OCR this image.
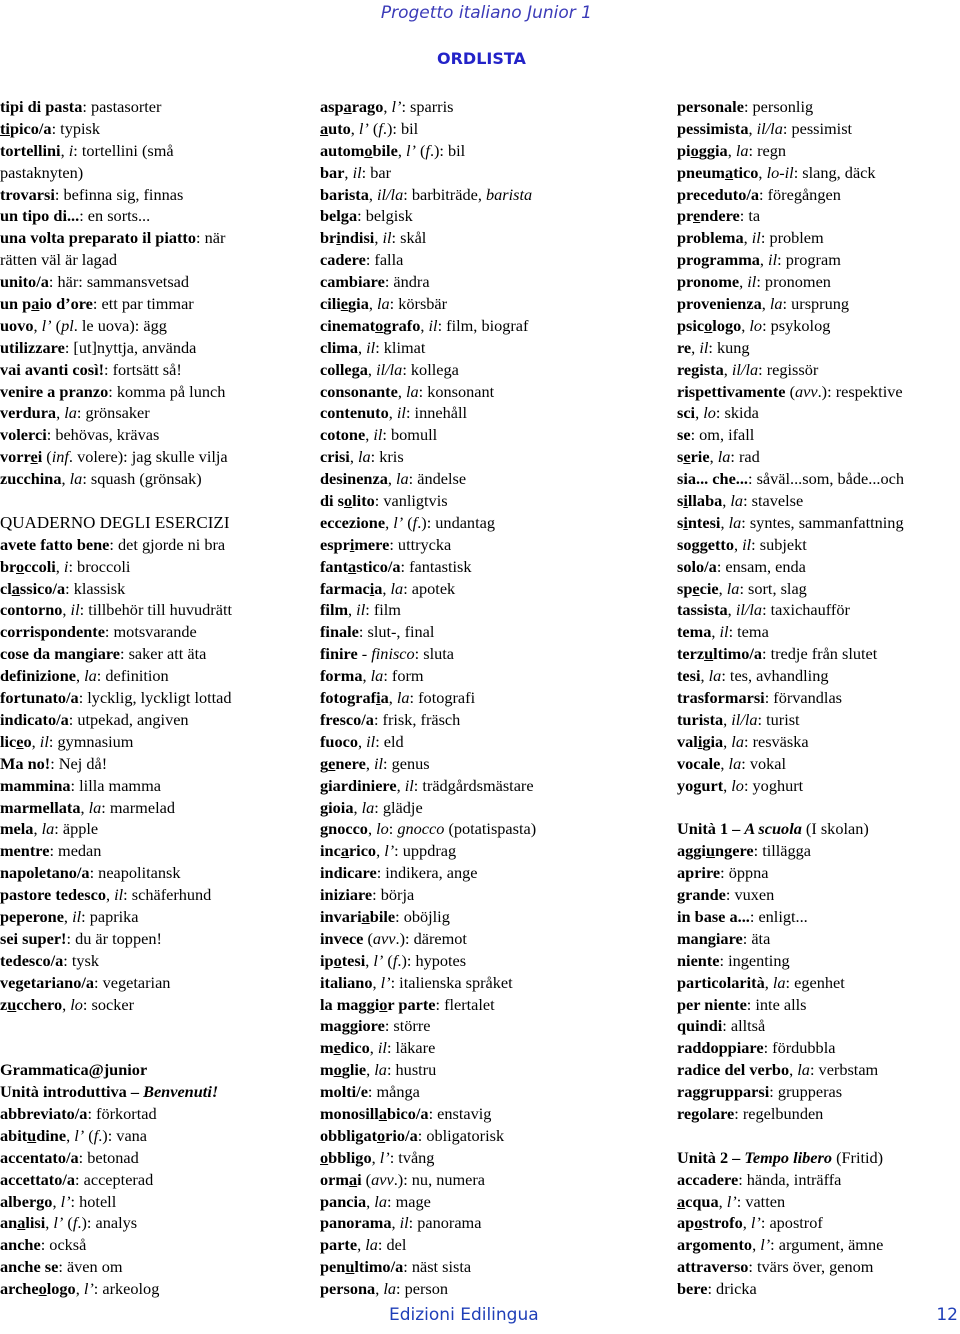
Progetto italiano Junior 1
ORDLISTA
tipi di pasta: pastasorter
tipico/a: typisk
tortellini, i: tortellini (små
pastaknyten)
trovarsi: befinna sig, finnas
un tipo di...: en sorts...
una volta preparato il piatto: när
rätten väl är lagad
unito/a: här: sammansvetsad
un paio d’ore: ett par timmar
uovo, l’ (pl. le uova): ägg
utilizzare: [ut]nyttja, använda
vai avanti così!: fortsätt så!
venire a pranzo: komma på lunch
verdura, la: grönsaker
volerci: behövas, krävas
vorrei (inf. volere): jag skulle vilja
zucchina, la: squash (grönsak)
QUADERNO DEGLI ESERCIZI
avete fatto bene: det gjorde ni bra
broccoli, i: broccoli
classico/a: klassisk
contorno, il: tillbehör till huvudrätt
corrispondente: motsvarande
cose da mangiare: saker att äta
definizione, la: definition
fortunato/a: lycklig, lyckligt lottad
indicato/a: utpekad, angiven
liceo, il: gymnasium
Ma no!: Nej då!
mammina: lilla mamma
marmellata, la: marmelad
mela, la: äpple
mentre: medan
napoletano/a: neapolitansk
pastore tedesco, il: schäferhund
peperone, il: paprika
sei super!: du är toppen!
tedesco/a: tysk
vegetariano/a: vegetarian
zucchero, lo: socker
Grammatica@junior
Unità introduttiva – Benvenuti!
abbreviato/a: förkortad
abitudine, l’ (f.): vana
accentato/a: betonad
accettato/a: accepterad
albergo, l’: hotell
analisi, l’ (f.): analys
anche: också
anche se: även om
archeologo, l’: arkeolog
asparago, l’: sparris
auto, l’ (f.): bil
automobile, l’ (f.): bil
bar, il: bar
barista, il/la: barbiträde, barista
belga: belgisk
brindisi, il: skål
cadere: falla
cambiare: ändra
ciliegia, la: körsbär
cinematografo, il: film, biograf
clima, il: klimat
collega, il/la: kollega
consonante, la: konsonant
contenuto, il: innehåll
cotone, il: bomull
crisi, la: kris
desinenza, la: ändelse
di solito: vanligtvis
eccezione, l’ (f.): undantag
esprimere: uttrycka
fantastico/a: fantastisk
farmacia, la: apotek
film, il: film
finale: slut-, final
finire - finisco: sluta
forma, la: form
fotografia, la: fotografi
fresco/a: frisk, fräsch
fuoco, il: eld
genere, il: genus
giardiniere, il: trädgårdsmästare
gioia, la: glädje
gnocco, lo: gnocco (potatispasta)
incarico, l’: uppdrag
indicare: indikera, ange
iniziare: börja
invariabile: oböjlig
invece (avv.): däremot
ipotesi, l’ (f.): hypotes
italiano, l’: italienska språket
la maggior parte: flertalet
maggiore: större
medico, il: läkare
moglie, la: hustru
molti/e: många
monosillabico/a: enstavig
obbligatorio/a: obligatorisk
obbligo, l’: tvång
ormai (avv.): nu, numera
pancia, la: mage
panorama, il: panorama
parte, la: del
penultimo/a: näst sista
persona, la: person
personale: personlig
pessimista, il/la: pessimist
pioggia, la: regn
pneumatico, lo-il: slang, däck
preceduto/a: föregången
prendere: ta
problema, il: problem
programma, il: program
pronome, il: pronomen
provenienza, la: ursprung
psicologo, lo: psykolog
re, il: kung
regista, il/la: regissör
rispettivamente (avv.): respektive
sci, lo: skida
se: om, ifall
serie, la: rad
sia... che...: såväl...som, både...och
sillaba, la: stavelse
sintesi, la: syntes, sammanfattning
soggetto, il: subjekt
solo/a: ensam, enda
specie, la: sort, slag
tassista, il/la: taxichaufför
tema, il: tema
terzultimo/a: tredje från slutet
tesi, la: tes, avhandling
trasformarsi: förvandlas
turista, il/la: turist
valigia, la: resväska
vocale, la: vokal
yogurt, lo: yoghurt
Unità 1 – A scuola (I skolan)
aggiungere: tillägga
aprire: öppna
grande: vuxen
in base a...: enligt...
mangiare: äta
niente: ingenting
particolarità, la: egenhet
per niente: inte alls
quindi: alltså
raddoppiare: fördubbla
radice del verbo, la: verbstam
raggrupparsi: grupperas
regolare: regelbunden
Unità 2 – Tempo libero (Fritid)
accadere: hända, inträffa
acqua, l’: vatten
apostrofo, l’: apostrof
argomento, l’: argument, ämne
attraverso: tvärs över, genom
bere: dricka
Edizioni Edilingua	12
